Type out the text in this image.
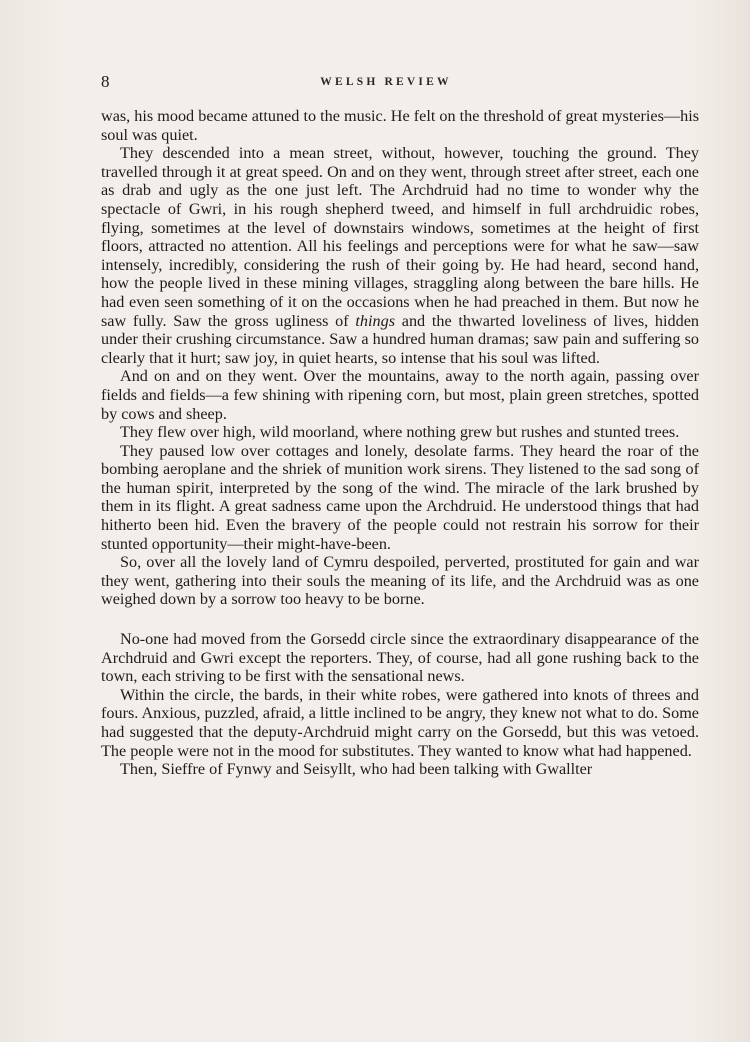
8	WELSH REVIEW

was, his mood became attuned to the music. He felt on the threshold of great mysteries—his soul was quiet.

They descended into a mean street, without, however, touching the ground. They travelled through it at great speed. On and on they went, through street after street, each one as drab and ugly as the one just left. The Archdruid had no time to wonder why the spectacle of Gwri, in his rough shepherd tweed, and himself in full archdruidic robes, flying, sometimes at the level of downstairs windows, sometimes at the height of first floors, attracted no attention. All his feelings and perceptions were for what he saw—saw intensely, incredibly, considering the rush of their going by. He had heard, second hand, how the people lived in these mining villages, straggling along between the bare hills. He had even seen something of it on the occasions when he had preached in them. But now he saw fully. Saw the gross ugliness of things and the thwarted loveliness of lives, hidden under their crushing circumstance. Saw a hundred human dramas; saw pain and suffering so clearly that it hurt; saw joy, in quiet hearts, so intense that his soul was lifted.

And on and on they went. Over the mountains, away to the north again, passing over fields and fields—a few shining with ripening corn, but most, plain green stretches, spotted by cows and sheep.

They flew over high, wild moorland, where nothing grew but rushes and stunted trees.

They paused low over cottages and lonely, desolate farms. They heard the roar of the bombing aeroplane and the shriek of munition work sirens. They listened to the sad song of the human spirit, interpreted by the song of the wind. The miracle of the lark brushed by them in its flight. A great sadness came upon the Archdruid. He understood things that had hitherto been hid. Even the bravery of the people could not restrain his sorrow for their stunted opportunity—their might-have-been.

So, over all the lovely land of Cymru despoiled, perverted, prostituted for gain and war they went, gathering into their souls the meaning of its life, and the Archdruid was as one weighed down by a sorrow too heavy to be borne.

No-one had moved from the Gorsedd circle since the extraordinary disappearance of the Archdruid and Gwri except the reporters. They, of course, had all gone rushing back to the town, each striving to be first with the sensational news.

Within the circle, the bards, in their white robes, were gathered into knots of threes and fours. Anxious, puzzled, afraid, a little inclined to be angry, they knew not what to do. Some had suggested that the deputy-Archdruid might carry on the Gorsedd, but this was vetoed. The people were not in the mood for substitutes. They wanted to know what had happened.

Then, Sieffre of Fynwy and Seisyllt, who had been talking with Gwallter
